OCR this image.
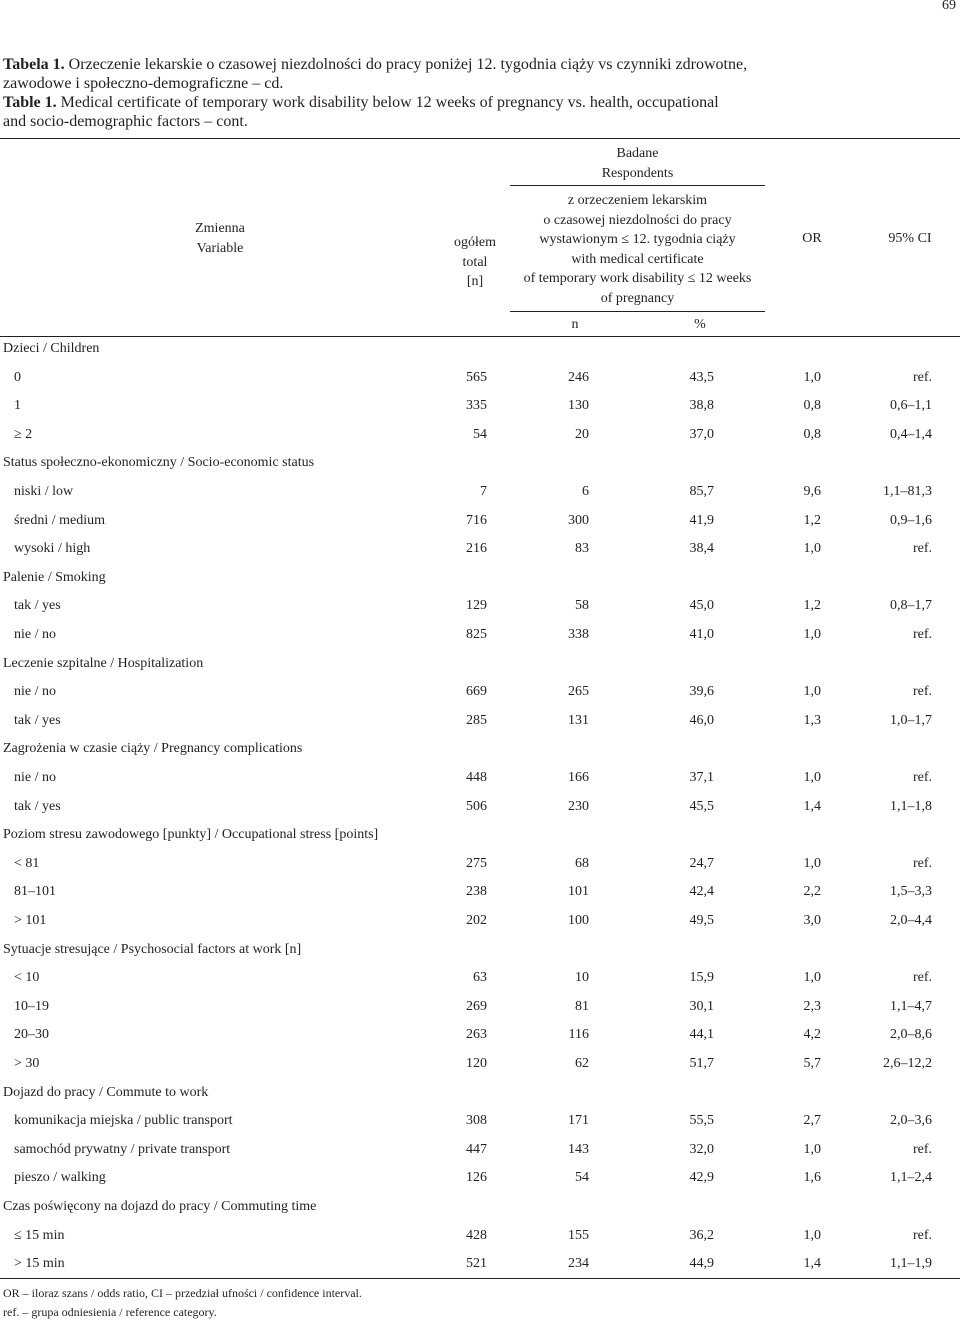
69
Tabela 1. Orzeczenie lekarskie o czasowej niezdolności do pracy poniżej 12. tygodnia ciąży vs czynniki zdrowotne,
zawodowe i społeczno-demograficzne – cd.
Table 1. Medical certificate of temporary work disability below 12 weeks of pregnancy vs. health, occupational
and socio-demographic factors – cont.
Zmienna
Variable	ogółem
total
[n]
Badane
Respondents
z orzeczeniem lekarskim
o czasowej niezdolności do pracy
wystawionym ≤ 12. tygodnia ciąży
with medical certificate
of temporary work disability ≤ 12 weeks
of pregnancy
n	%
OR	95% CI
Dzieci / Children
0	565	246	43,5	1,0	ref.
1	335	130	38,8	0,8	0,6–1,1
≥ 2	54	20	37,0	0,8	0,4–1,4
Status społeczno-ekonomiczny / Socio-economic status
niski / low	7	6	85,7	9,6	1,1–81,3
średni / medium	716	300	41,9	1,2	0,9–1,6
wysoki / high	216	83	38,4	1,0	ref.
Palenie / Smoking
tak / yes	129	58	45,0	1,2	0,8–1,7
nie / no	825	338	41,0	1,0	ref.
Leczenie szpitalne / Hospitalization
nie / no	669	265	39,6	1,0	ref.
tak / yes	285	131	46,0	1,3	1,0–1,7
Zagrożenia w czasie ciąży / Pregnancy complications
nie / no	448	166	37,1	1,0	ref.
tak / yes	506	230	45,5	1,4	1,1–1,8
Poziom stresu zawodowego [punkty] / Occupational stress [points]
< 81	275	68	24,7	1,0	ref.
81–101	238	101	42,4	2,2	1,5–3,3
> 101	202	100	49,5	3,0	2,0–4,4
Sytuacje stresujące / Psychosocial factors at work [n]
< 10	63	10	15,9	1,0	ref.
10–19	269	81	30,1	2,3	1,1–4,7
20–30	263	116	44,1	4,2	2,0–8,6
> 30	120	62	51,7	5,7	2,6–12,2
Dojazd do pracy / Commute to work
komunikacja miejska / public transport	308	171	55,5	2,7	2,0–3,6
samochód prywatny / private transport	447	143	32,0	1,0	ref.
pieszo / walking	126	54	42,9	1,6	1,1–2,4
Czas poświęcony na dojazd do pracy / Commuting time
≤ 15 min	428	155	36,2	1,0	ref.
> 15 min	521	234	44,9	1,4	1,1–1,9
OR – iloraz szans / odds ratio, CI – przedział ufności / confidence interval.
ref. – grupa odniesienia / reference category.
